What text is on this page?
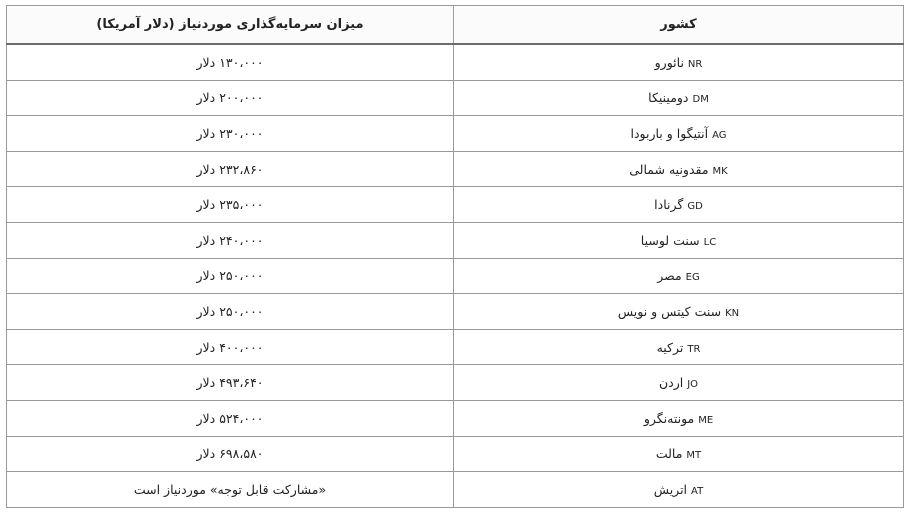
میزان سرمایه‌گذاری موردنیاز (دلار آمریکا)	کشور
۱۳۰،۰۰۰ دلار	NRنائورو
۲۰۰،۰۰۰ دلار	DMدومینیکا
۲۳۰،۰۰۰ دلار	AGآنتیگوا و باربودا
۲۳۲،۸۶۰ دلار	MKمقدونیه شمالی
۲۳۵،۰۰۰ دلار	GDگرنادا
۲۴۰،۰۰۰ دلار	LCسنت لوسیا
۲۵۰،۰۰۰ دلار	EGمصر
۲۵۰،۰۰۰ دلار	KNسنت کیتس و نویس
۴۰۰،۰۰۰ دلار	TRترکیه
۴۹۳،۶۴۰ دلار	JOاردن
۵۲۴،۰۰۰ دلار	MEمونته‌نگرو
۶۹۸،۵۸۰ دلار	MTمالت
«مشارکت قابل توجه» موردنیاز است	ATاتریش
